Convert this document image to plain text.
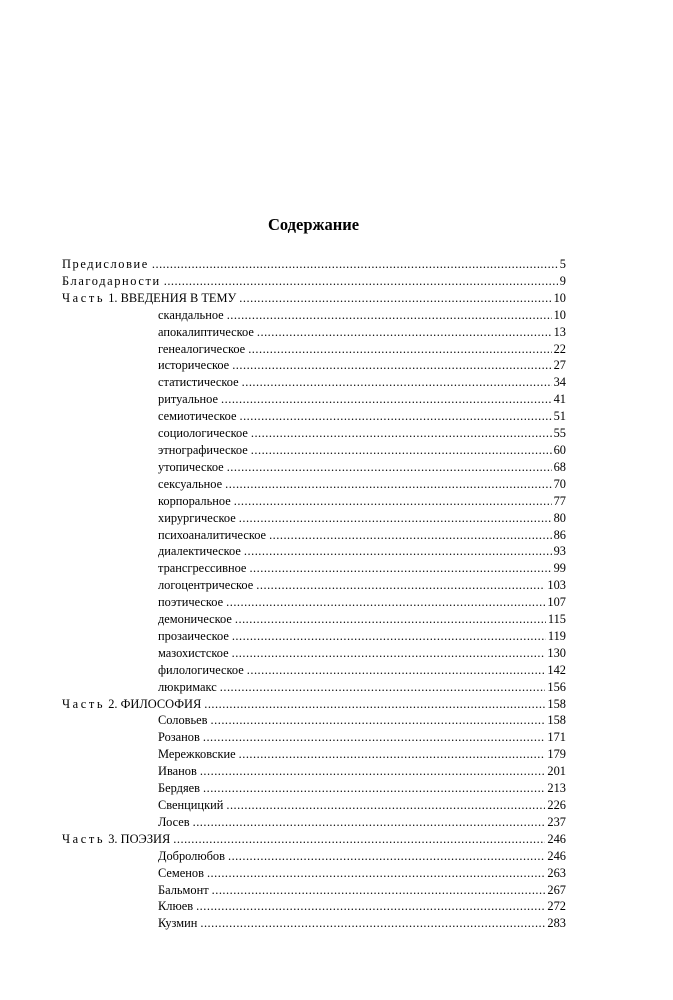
Содержание
Предисловие .....	5
Благодарности .....	9
Часть 1. ВВЕДЕНИЯ В ТЕМУ .....	10
скандальное .....	10
апокалиптическое .....	13
генеалогическое .....	22
историческое .....	27
статистическое .....	34
ритуальное .....	41
семиотическое .....	51
социологическое .....	55
этнографическое .....	60
утопическое .....	68
сексуальное .....	70
корпоральное .....	77
хирургическое .....	80
психоаналитическое .....	86
диалектическое .....	93
трансгрессивное .....	99
логоцентрическое .....	103
поэтическое .....	107
демоническое .....	115
прозаическое .....	119
мазохистское .....	130
филологическое .....	142
люкримакс .....	156
Часть 2. ФИЛОСОФИЯ .....	158
Соловьев .....	158
Розанов .....	171
Мережковские .....	179
Иванов .....	201
Бердяев .....	213
Свенцицкий .....	226
Лосев .....	237
Часть 3. ПОЭЗИЯ .....	246
Добролюбов .....	246
Семенов .....	263
Бальмонт .....	267
Клюев .....	272
Кузмин .....	283
